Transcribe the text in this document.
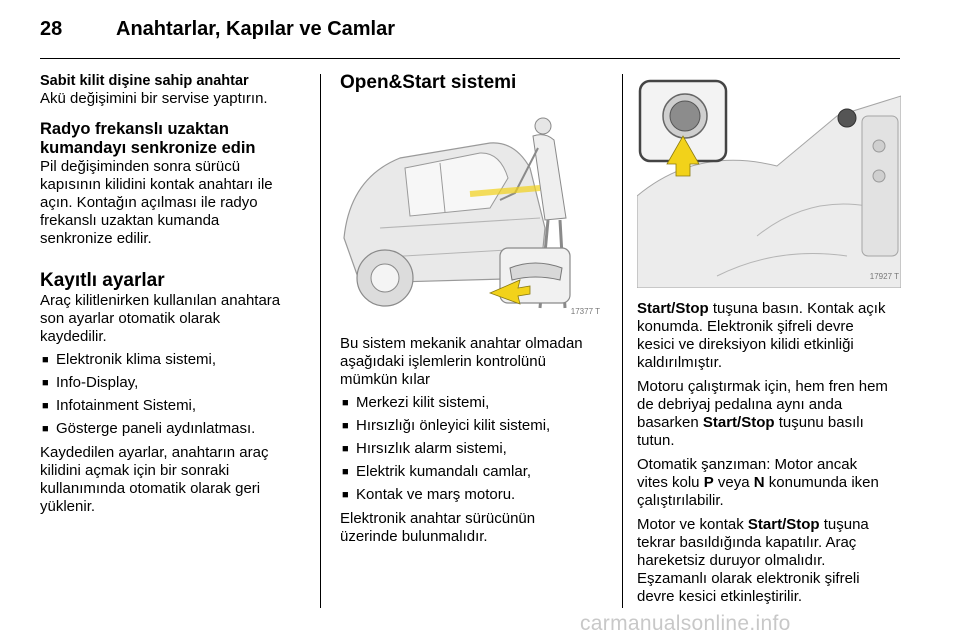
28	Anahtarlar, Kapılar ve Camlar

Sabit kilit dişine sahip anahtar

Akü değişimini bir servise yaptırın.

Radyo frekanslı uzaktan

kumandayı senkronize edin

Pil değişiminden sonra sürücü

kapısının kilidini kontak anahtarı ile

açın. Kontağın açılması ile radyo

frekanslı uzaktan kumanda

senkronize edilir.

Kayıtlı ayarlar

Araç kilitlenirken kullanılan anahtara

son ayarlar otomatik olarak

kaydedilir.

■ Elektronik klima sistemi,
■ Info-Display,
■ Infotainment Sistemi,
■ Gösterge paneli aydınlatması.

Kaydedilen ayarlar, anahtarın araç

kilidini açmak için bir sonraki

kullanımında otomatik olarak geri

yüklenir.

Open&Start sistemi

17377 T

Bu sistem mekanik anahtar olmadan

aşağıdaki işlemlerin kontrolünü

mümkün kılar

■ Merkezi kilit sistemi,
■ Hırsızlığı önleyici kilit sistemi,
■ Hırsızlık alarm sistemi,
■ Elektrik kumandalı camlar,
■ Kontak ve marş motoru.

Elektronik anahtar sürücünün

üzerinde bulunmalıdır.

17927 T

Start/Stop tuşuna basın. Kontak açık

konumda. Elektronik şifreli devre

kesici ve direksiyon kilidi etkinliği

kaldırılmıştır.

Motoru çalıştırmak için, hem fren hem

de debriyaj pedalına aynı anda

basarken Start/Stop tuşunu basılı

tutun.

Otomatik şanzıman: Motor ancak

vites kolu P veya N konumunda iken

çalıştırılabilir.

Motor ve kontak Start/Stop tuşuna

tekrar basıldığında kapatılır. Araç

hareketsiz duruyor olmalıdır.

Eşzamanlı olarak elektronik şifreli

devre kesici etkinleştirilir.

carmanualsonline.info
